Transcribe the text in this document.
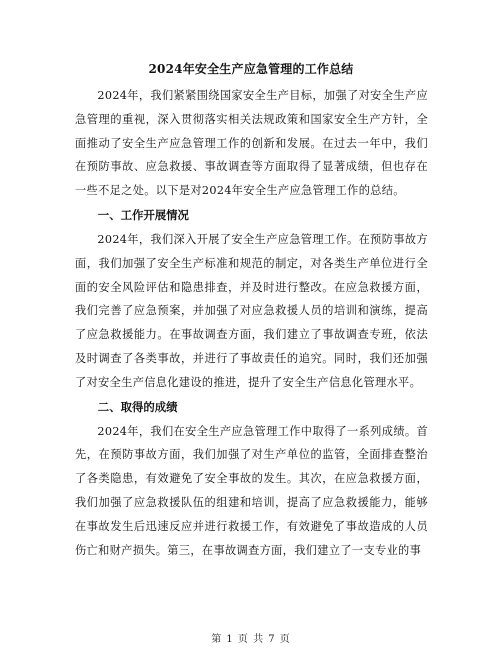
2024年安全生产应急管理的工作总结

2024年，我们紧紧围绕国家安全生产目标，加强了对安全生产应急管理的重视，深入贯彻落实相关法规政策和国家安全生产方针，全面推动了安全生产应急管理工作的创新和发展。在过去一年中，我们在预防事故、应急救援、事故调查等方面取得了显著成绩，但也存在一些不足之处。以下是对2024年安全生产应急管理工作的总结。

一、工作开展情况

2024年，我们深入开展了安全生产应急管理工作。在预防事故方面，我们加强了安全生产标准和规范的制定，对各类生产单位进行全面的安全风险评估和隐患排查，并及时进行整改。在应急救援方面，我们完善了应急预案，并加强了对应急救援人员的培训和演练，提高了应急救援能力。在事故调查方面，我们建立了事故调查专班，依法及时调查了各类事故，并进行了事故责任的追究。同时，我们还加强了对安全生产信息化建设的推进，提升了安全生产信息化管理水平。

二、取得的成绩

2024年，我们在安全生产应急管理工作中取得了一系列成绩。首先，在预防事故方面，我们加强了对生产单位的监管，全面排查整治了各类隐患，有效避免了安全事故的发生。其次，在应急救援方面，我们加强了应急救援队伍的组建和培训，提高了应急救援能力，能够在事故发生后迅速反应并进行救援工作，有效避免了事故造成的人员伤亡和财产损失。第三，在事故调查方面，我们建立了一支专业的事

第 1 页 共 7 页
